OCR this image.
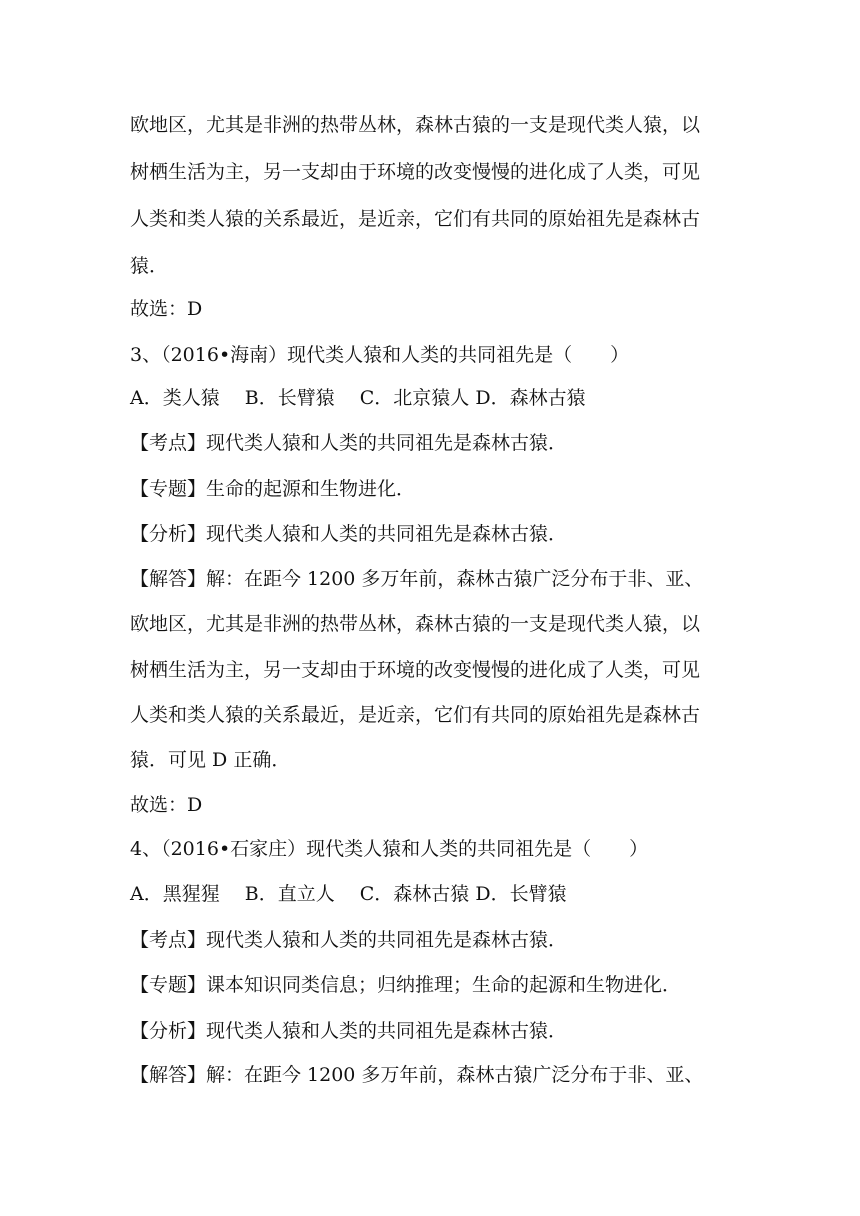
欧地区，尤其是非洲的热带丛林，森林古猿的一支是现代类人猿，以
树栖生活为主，另一支却由于环境的改变慢慢的进化成了人类，可见
人类和类人猿的关系最近，是近亲，它们有共同的原始祖先是森林古
猿．
故选：D
3、（2016•海南）现代类人猿和人类的共同祖先是（　　）
A．类人猿　 B．长臂猿　 C．北京猿人 D．森林古猿
【考点】现代类人猿和人类的共同祖先是森林古猿．
【专题】生命的起源和生物进化．
【分析】现代类人猿和人类的共同祖先是森林古猿．
【解答】解：在距今 1200 多万年前，森林古猿广泛分布于非、亚、
欧地区，尤其是非洲的热带丛林，森林古猿的一支是现代类人猿，以
树栖生活为主，另一支却由于环境的改变慢慢的进化成了人类，可见
人类和类人猿的关系最近，是近亲，它们有共同的原始祖先是森林古
猿．可见 D 正确．
故选：D
4、（2016•石家庄）现代类人猿和人类的共同祖先是（　　）
A．黑猩猩　 B．直立人　 C．森林古猿 D．长臂猿
【考点】现代类人猿和人类的共同祖先是森林古猿．
【专题】课本知识同类信息；归纳推理；生命的起源和生物进化．
【分析】现代类人猿和人类的共同祖先是森林古猿．
【解答】解：在距今 1200 多万年前，森林古猿广泛分布于非、亚、
